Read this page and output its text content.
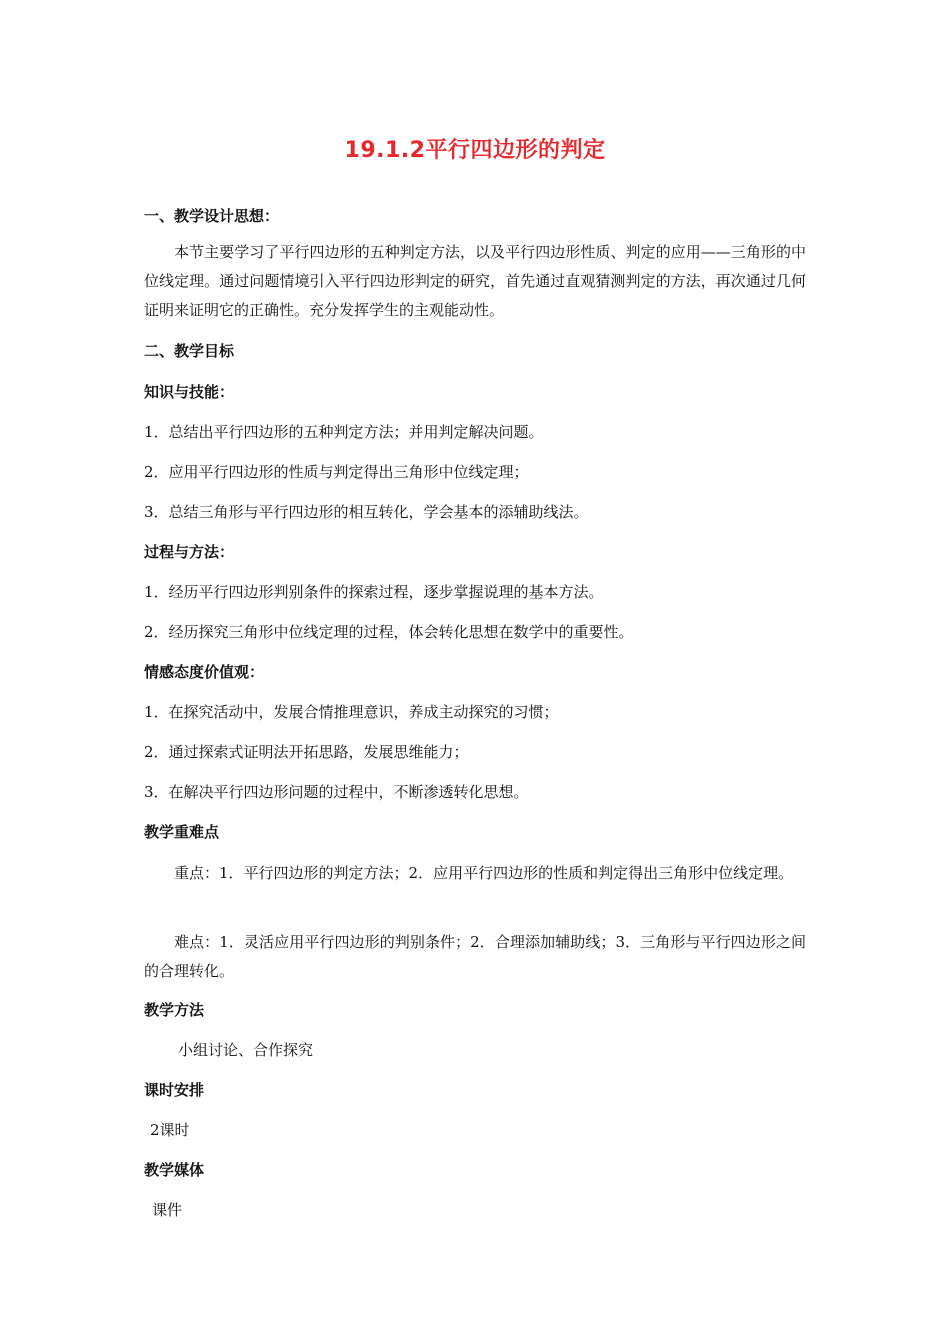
19.1.2平行四边形的判定
一、教学设计思想：
本节主要学习了平行四边形的五种判定方法，以及平行四边形性质、判定的应用——三角形的中位线定理。通过问题情境引入平行四边形判定的研究，首先通过直观猜测判定的方法，再次通过几何证明来证明它的正确性。充分发挥学生的主观能动性。
二、教学目标
知识与技能：
1．总结出平行四边形的五种判定方法；并用判定解决问题。
2．应用平行四边形的性质与判定得出三角形中位线定理；
3．总结三角形与平行四边形的相互转化，学会基本的添辅助线法。
过程与方法：
1．经历平行四边形判别条件的探索过程，逐步掌握说理的基本方法。
2．经历探究三角形中位线定理的过程，体会转化思想在数学中的重要性。
情感态度价值观：
1．在探究活动中，发展合情推理意识，养成主动探究的习惯；
2．通过探索式证明法开拓思路，发展思维能力；
3．在解决平行四边形问题的过程中，不断渗透转化思想。
教学重难点
重点：1．平行四边形的判定方法；2．应用平行四边形的性质和判定得出三角形中位线定理。
难点：1．灵活应用平行四边形的判别条件；2．合理添加辅助线；3．三角形与平行四边形之间的合理转化。
教学方法
小组讨论、合作探究
课时安排
2课时
教学媒体
课件
